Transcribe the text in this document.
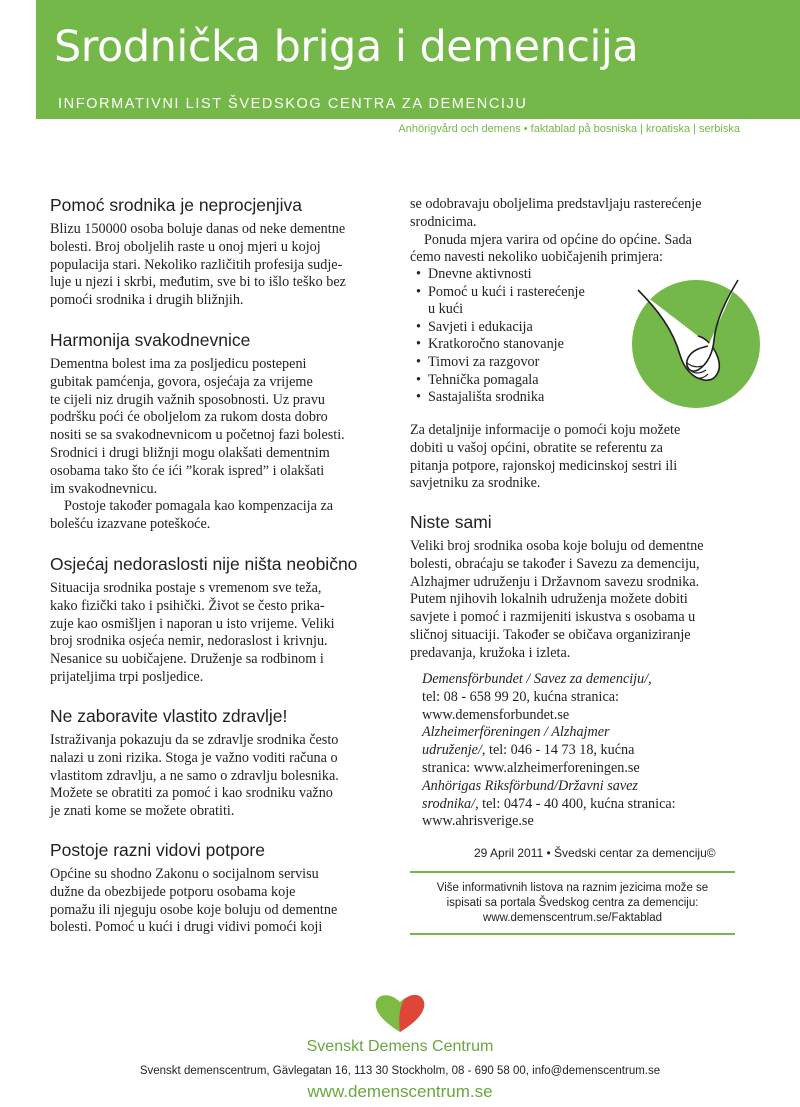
Srodnička briga i demencija
INFORMATIVNI LIST ŠVEDSKOG CENTRA ZA DEMENCIJU
Anhörigvård och demens • faktablad på bosniska | kroatiska | serbiska
Pomoć srodnika je neprocjenjiva
Blizu 150000 osoba boluje danas od neke dementne
bolesti. Broj oboljelih raste u onoj mjeri u kojoj
populacija stari. Nekoliko različitih profesija sudje-
luje u njezi i skrbi, međutim, sve bi to išlo teško bez
pomoći srodnika i drugih bližnjih.
Harmonija svakodnevnice
Dementna bolest ima za posljedicu postepeni
gubitak pamćenja, govora, osjećaja za vrijeme
te cijeli niz drugih važnih sposobnosti. Uz pravu
podršku poći će oboljelom za rukom dosta dobro
nositi se sa svakodnevnicom u početnoj fazi bolesti.
Srodnici i drugi bližnji mogu olakšati dementnim
osobama tako što će ići ”korak ispred” i olakšati
im svakodnevnicu.
Postoje također pomagala kao kompenzacija za
bolešću izazvane poteškoće.
Osjećaj nedoraslosti nije ništa neobično
Situacija srodnika postaje s vremenom sve teža,
kako fizički tako i psihički. Život se često prika-
zuje kao osmišljen i naporan u isto vrijeme. Veliki
broj srodnika osjeća nemir, nedoraslost i krivnju.
Nesanice su uobičajene. Druženje sa rodbinom i
prijateljima trpi posljedice.
Ne zaboravite vlastito zdravlje!
Istraživanja pokazuju da se zdravlje srodnika često
nalazi u zoni rizika. Stoga je važno voditi računa o
vlastitom zdravlju, a ne samo o zdravlju bolesnika.
Možete se obratiti za pomoć i kao srodniku važno
je znati kome se možete obratiti.
Postoje razni vidovi potpore
Općine su shodno Zakonu o socijalnom servisu
dužne da obezbijede potporu osobama koje
pomažu ili njeguju osobe koje boluju od dementne
bolesti. Pomoć u kući i drugi vidivi pomoći koji
se odobravaju oboljelima predstavljaju rasterećenje
srodnicima.
Ponuda mjera varira od općine do općine. Sada
ćemo navesti nekoliko uobičajenih primjera:
• Dnevne aktivnosti
• Pomoć u kući i rasterećenje
u kući
• Savjeti i edukacija
• Kratkoročno stanovanje
• Timovi za razgovor
• Tehnička pomagala
• Sastajališta srodnika
Za detaljnije informacije o pomoći koju možete
dobiti u vašoj općini, obratite se referentu za
pitanja potpore, rajonskoj medicinskoj sestri ili
savjetniku za srodnike.
Niste sami
Veliki broj srodnika osoba koje boluju od dementne
bolesti, obraćaju se također i Savezu za demenciju,
Alzhajmer udruženju i Državnom savezu srodnika.
Putem njihovih lokalnih udruženja možete dobiti
savjete i pomoć i razmijeniti iskustva s osobama u
sličnoj situaciji. Također se običava organiziranje
predavanja, kružoka i izleta.
Demensförbundet / Savez za demenciju/,
tel: 08 - 658 99 20, kućna stranica:
www.demensforbundet.se
Alzheimerföreningen / Alzhajmer
udruženje/, tel: 046 - 14 73 18, kućna
stranica: www.alzheimerforeningen.se
Anhörigas Riksförbund/Državni savez
srodnika/, tel: 0474 - 40 400, kućna stranica:
www.ahrisverige.se
29 April 2011 • Švedski centar za demenciju©
Više informativnih listova na raznim jezicima može se
ispisati sa portala Švedskog centra za demenciju:
www.demenscentrum.se/Faktablad
Svenskt Demens Centrum
Svenskt demenscentrum, Gävlegatan 16, 113 30 Stockholm, 08 - 690 58 00, info@demenscentrum.se
www.demenscentrum.se
